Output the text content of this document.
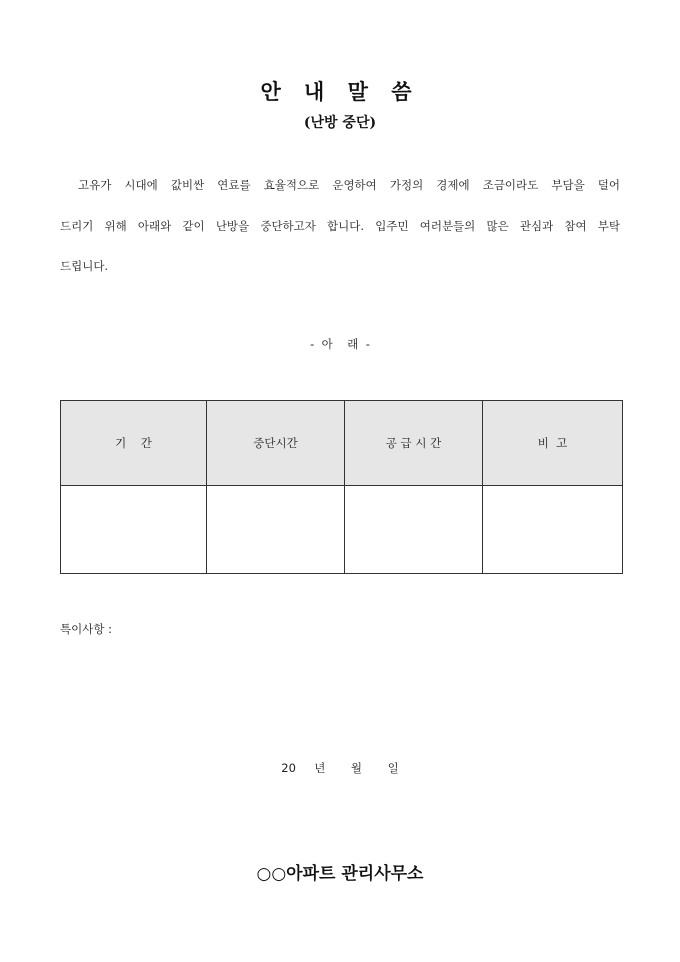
안 내 말 씀
(난방 중단)
고유가 시대에 값비싼 연료를 효율적으로 운영하여 가정의 경제에 조금이라도 부담을 덜어
드리기 위해 아래와 같이 난방을 중단하고자 합니다. 입주민 여러분들의 많은 관심과 참여 부탁
드립니다.
-  아    래  -
기    간	중단시간	공 급 시 간	비  고

특이사항 :
20     년       월       일
○○아파트 관리사무소
